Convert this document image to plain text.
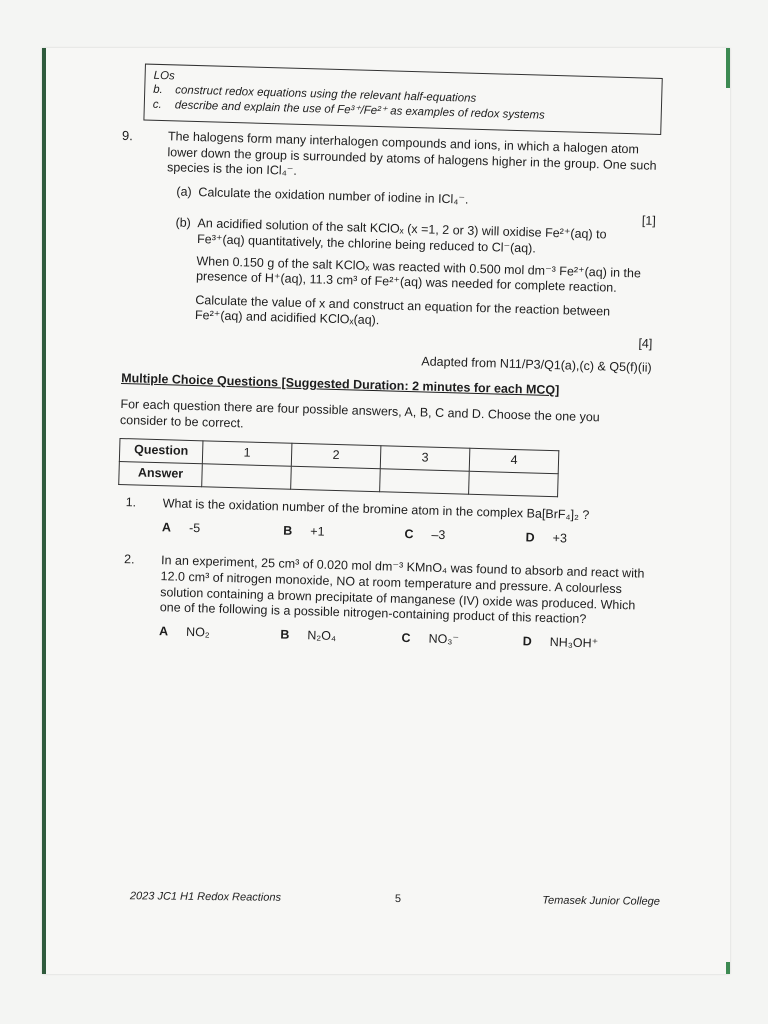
LOs
b.	construct redox equations using the relevant half-equations
c.	describe and explain the use of Fe³⁺/Fe²⁺ as examples of redox systems
9.	The halogens form many interhalogen compounds and ions, in which a halogen atom lower down the group is surrounded by atoms of halogens higher in the group. One such species is the ion ICl₄⁻.
(a) Calculate the oxidation number of iodine in ICl₄⁻.
[1]
(b) An acidified solution of the salt KClOₓ (x =1, 2 or 3) will oxidise Fe²⁺(aq) to Fe³⁺(aq) quantitatively, the chlorine being reduced to Cl⁻(aq).
When 0.150 g of the salt KClOₓ was reacted with 0.500 mol dm⁻³ Fe²⁺(aq) in the presence of H⁺(aq), 11.3 cm³ of Fe²⁺(aq) was needed for complete reaction.
Calculate the value of x and construct an equation for the reaction between Fe²⁺(aq) and acidified KClOₓ(aq).
[4]
Adapted from N11/P3/Q1(a),(c) & Q5(f)(ii)
Multiple Choice Questions [Suggested Duration: 2 minutes for each MCQ]
For each question there are four possible answers, A, B, C and D. Choose the one you consider to be correct.
Question	1	2	3	4
Answer				
1. What is the oxidation number of the bromine atom in the complex Ba[BrF₄]₂ ?
A -5	B +1	C –3	D +3
2. In an experiment, 25 cm³ of 0.020 mol dm⁻³ KMnO₄ was found to absorb and react with 12.0 cm³ of nitrogen monoxide, NO at room temperature and pressure. A colourless solution containing a brown precipitate of manganese (IV) oxide was produced. Which one of the following is a possible nitrogen-containing product of this reaction?
A NO₂	B N₂O₄	C NO₃⁻	D NH₃OH⁺
2023 JC1 H1 Redox Reactions	5	Temasek Junior College
